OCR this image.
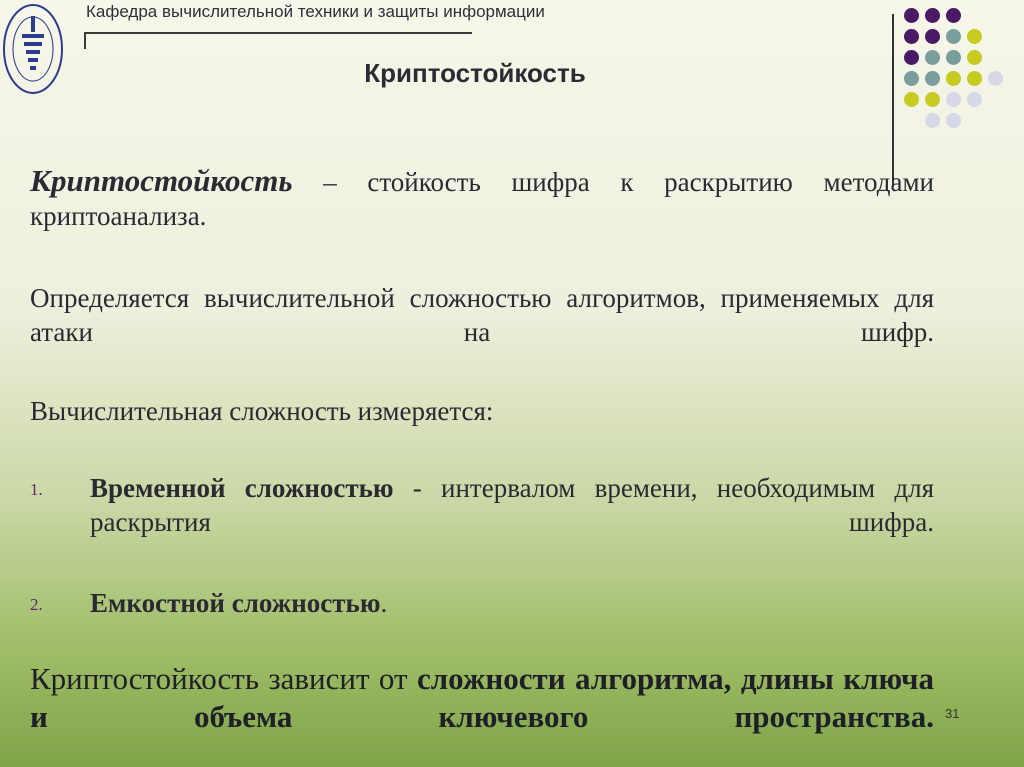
Кафедра вычислительной техники и защиты информации
Криптостойкость
Криптостойкость – стойкость шифра к раскрытию методами криптоанализа.
Определяется вычислительной сложностью алгоритмов, применяемых для атаки на шифр.
Вычислительная сложность измеряется:
1. Временной сложностью - интервалом времени, необходимым для раскрытия шифра.
2. Емкостной сложностью.
Криптостойкость зависит от сложности алгоритма, длины ключа и объема ключевого пространства. 31
